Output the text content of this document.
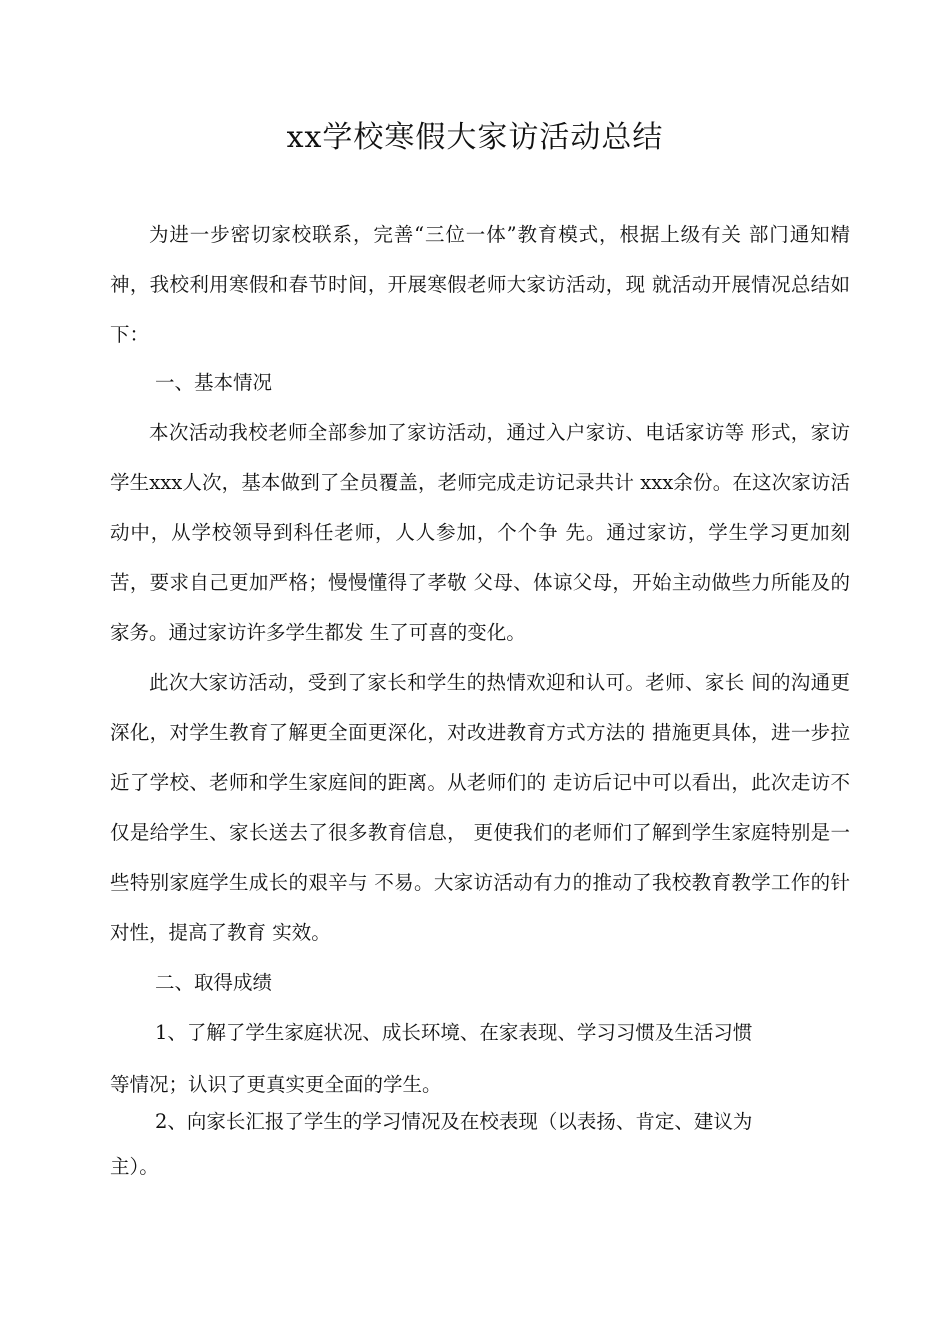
xx学校寒假大家访活动总结

为进一步密切家校联系，完善“三位一体”教育模式，根据上级有关 部门通知精神，我校利用寒假和春节时间，开展寒假老师大家访活动，现 就活动开展情况总结如下：

一、基本情况

本次活动我校老师全部参加了家访活动，通过入户家访、电话家访等 形式，家访学生xxx人次，基本做到了全员覆盖，老师完成走访记录共计 xxx余份。在这次家访活动中，从学校领导到科任老师，人人参加，个个争 先。通过家访，学生学习更加刻苦，要求自己更加严格；慢慢懂得了孝敬 父母、体谅父母，开始主动做些力所能及的家务。通过家访许多学生都发 生了可喜的变化。

此次大家访活动，受到了家长和学生的热情欢迎和认可。老师、家长 间的沟通更深化，对学生教育了解更全面更深化，对改进教育方式方法的 措施更具体，进一步拉近了学校、老师和学生家庭间的距离。从老师们的 走访后记中可以看出，此次走访不仅是给学生、家长送去了很多教育信息， 更使我们的老师们了解到学生家庭特别是一些特别家庭学生成长的艰辛与 不易。大家访活动有力的推动了我校教育教学工作的针对性，提高了教育 实效。

二、取得成绩

1、了解了学生家庭状况、成长环境、在家表现、学习习惯及生活习惯

等情况；认识了更真实更全面的学生。

2、向家长汇报了学生的学习情况及在校表现（以表扬、肯定、建议为

主）。
